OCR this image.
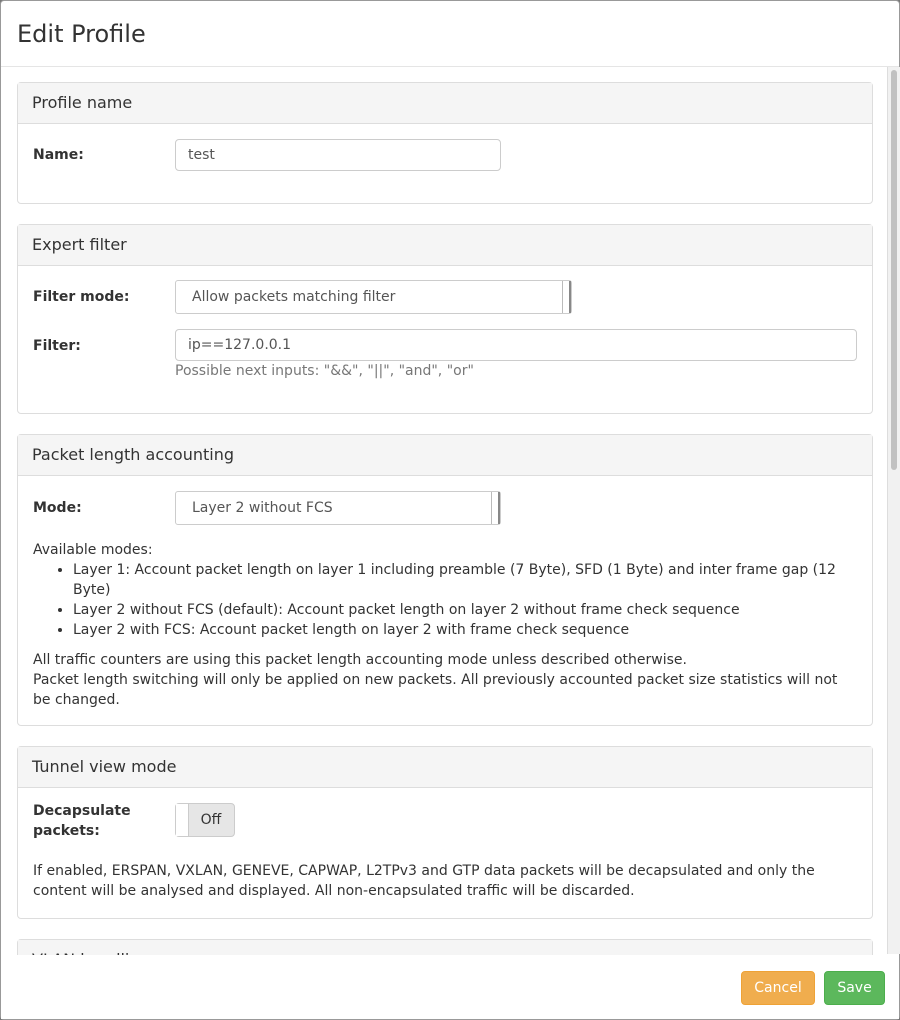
Edit Profile
Profile name
Name:	test
Expert filter
Filter mode:	Allow packets matching filter
Filter:	ip==127.0.0.1
Possible next inputs: "&&", "||", "and", "or"
Packet length accounting
Mode:	Layer 2 without FCS
Available modes:
• Layer 1: Account packet length on layer 1 including preamble (7 Byte), SFD (1 Byte) and inter frame gap (12 Byte)
• Layer 2 without FCS (default): Account packet length on layer 2 without frame check sequence
• Layer 2 with FCS: Account packet length on layer 2 with frame check sequence
All traffic counters are using this packet length accounting mode unless described otherwise.
Packet length switching will only be applied on new packets. All previously accounted packet size statistics will not be changed.
Tunnel view mode
Decapsulate packets:
Off
If enabled, ERSPAN, VXLAN, GENEVE, CAPWAP, L2TPv3 and GTP data packets will be decapsulated and only the content will be analysed and displayed. All non-encapsulated traffic will be discarded.
Cancel	Save
